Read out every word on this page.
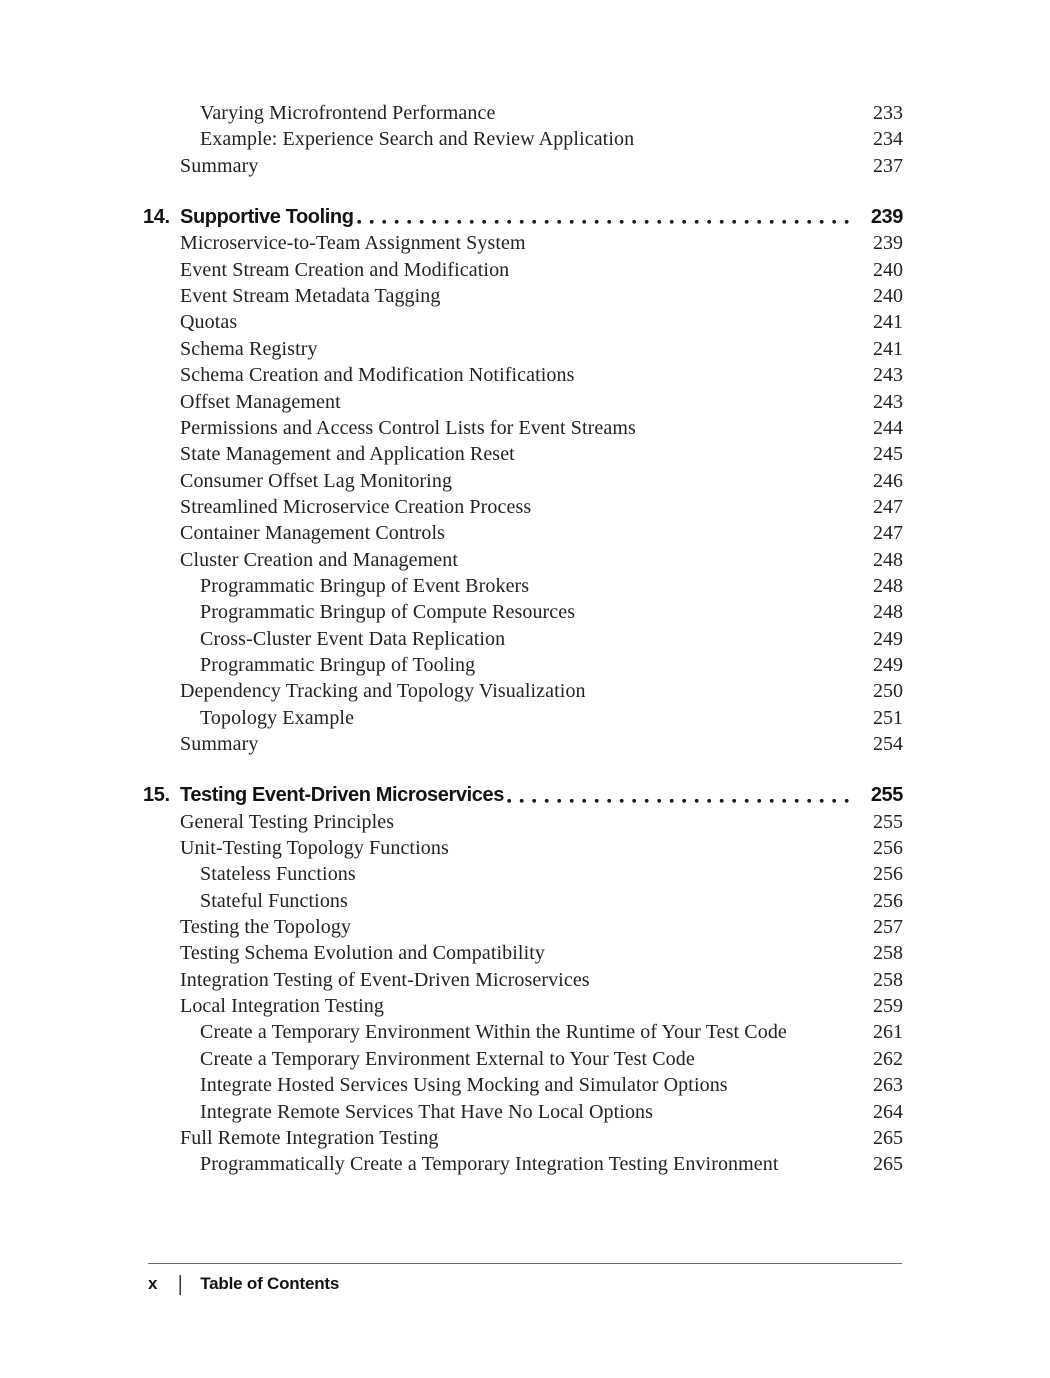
Varying Microfrontend Performance	233
Example: Experience Search and Review Application	234
Summary	237
14. Supportive Tooling	239
Microservice-to-Team Assignment System	239
Event Stream Creation and Modification	240
Event Stream Metadata Tagging	240
Quotas	241
Schema Registry	241
Schema Creation and Modification Notifications	243
Offset Management	243
Permissions and Access Control Lists for Event Streams	244
State Management and Application Reset	245
Consumer Offset Lag Monitoring	246
Streamlined Microservice Creation Process	247
Container Management Controls	247
Cluster Creation and Management	248
Programmatic Bringup of Event Brokers	248
Programmatic Bringup of Compute Resources	248
Cross-Cluster Event Data Replication	249
Programmatic Bringup of Tooling	249
Dependency Tracking and Topology Visualization	250
Topology Example	251
Summary	254
15. Testing Event-Driven Microservices	255
General Testing Principles	255
Unit-Testing Topology Functions	256
Stateless Functions	256
Stateful Functions	256
Testing the Topology	257
Testing Schema Evolution and Compatibility	258
Integration Testing of Event-Driven Microservices	258
Local Integration Testing	259
Create a Temporary Environment Within the Runtime of Your Test Code	261
Create a Temporary Environment External to Your Test Code	262
Integrate Hosted Services Using Mocking and Simulator Options	263
Integrate Remote Services That Have No Local Options	264
Full Remote Integration Testing	265
Programmatically Create a Temporary Integration Testing Environment	265
x	| Table of Contents
